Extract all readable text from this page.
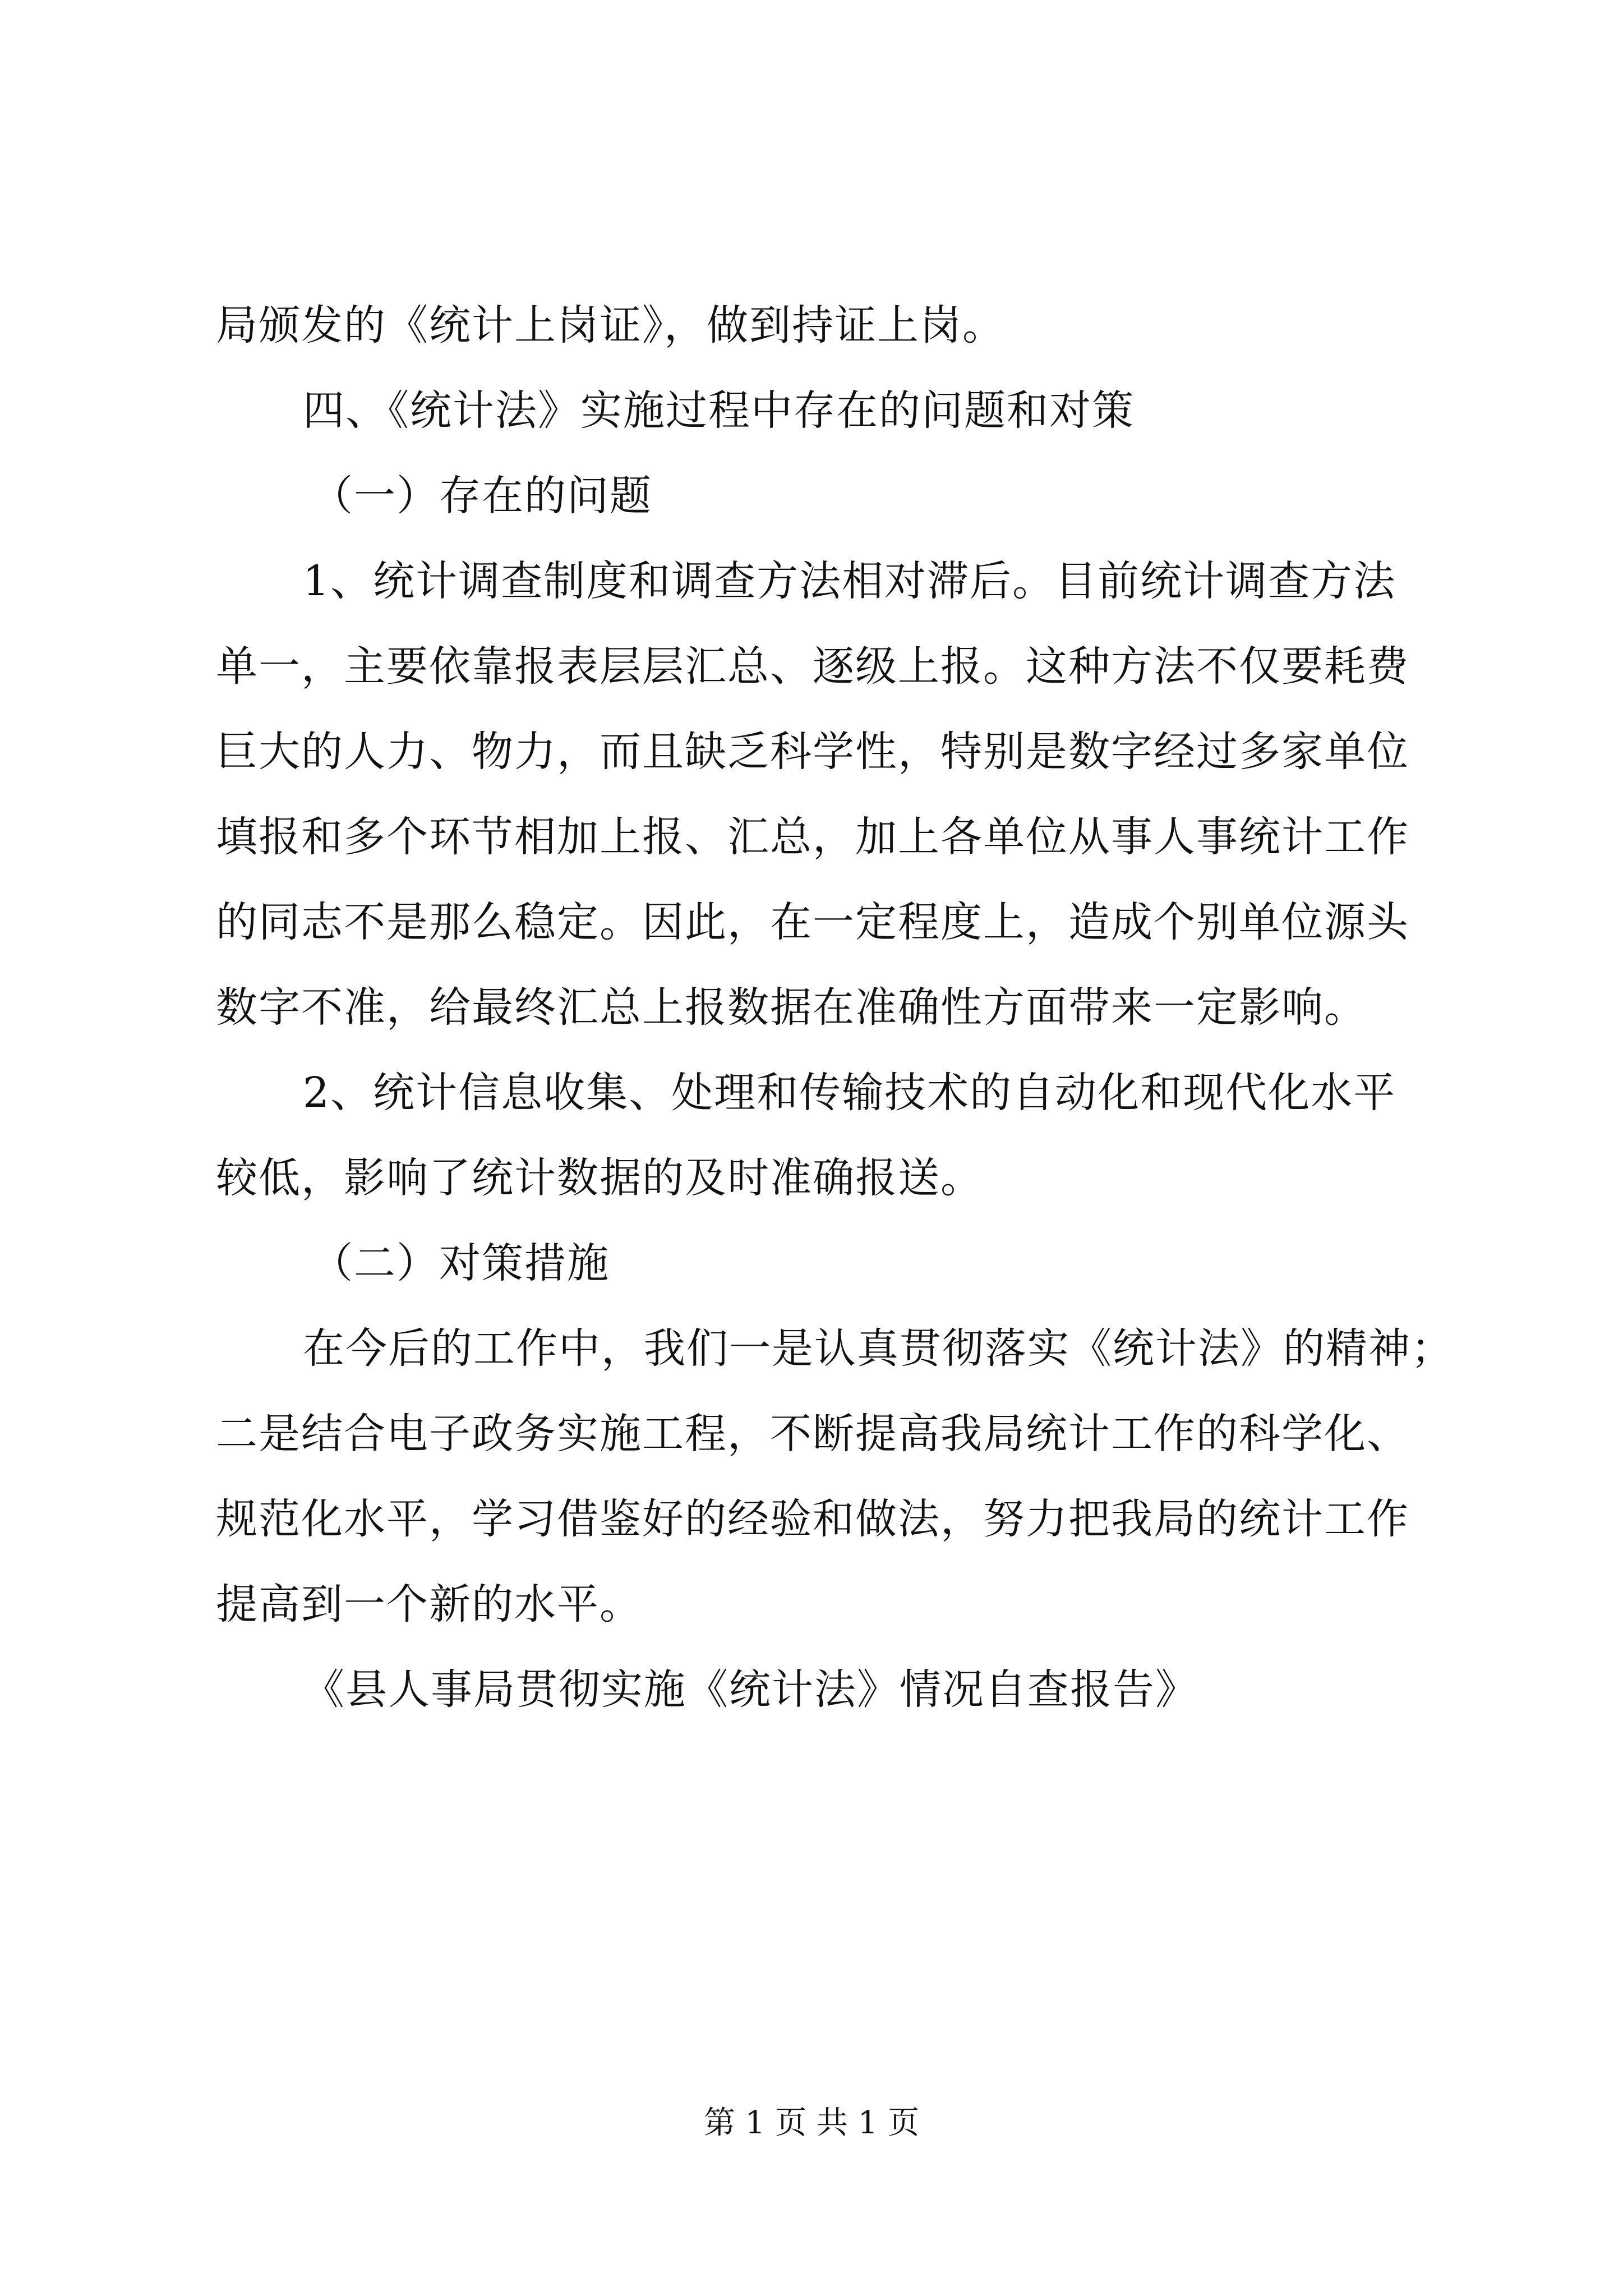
局颁发的《统计上岗证》，做到持证上岗。

四、《统计法》实施过程中存在的问题和对策

（一）存在的问题

1、统计调查制度和调查方法相对滞后。目前统计调查方法

单一，主要依靠报表层层汇总、逐级上报。这种方法不仅要耗费

巨大的人力、物力，而且缺乏科学性，特别是数字经过多家单位

填报和多个环节相加上报、汇总，加上各单位从事人事统计工作

的同志不是那么稳定。因此，在一定程度上，造成个别单位源头

数字不准，给最终汇总上报数据在准确性方面带来一定影响。

2、统计信息收集、处理和传输技术的自动化和现代化水平

较低，影响了统计数据的及时准确报送。

（二）对策措施

在今后的工作中，我们一是认真贯彻落实《统计法》的精神；

二是结合电子政务实施工程，不断提高我局统计工作的科学化、

规范化水平，学习借鉴好的经验和做法，努力把我局的统计工作

提高到一个新的水平。

《县人事局贯彻实施《统计法》情况自查报告》

第 1 页 共 1 页
